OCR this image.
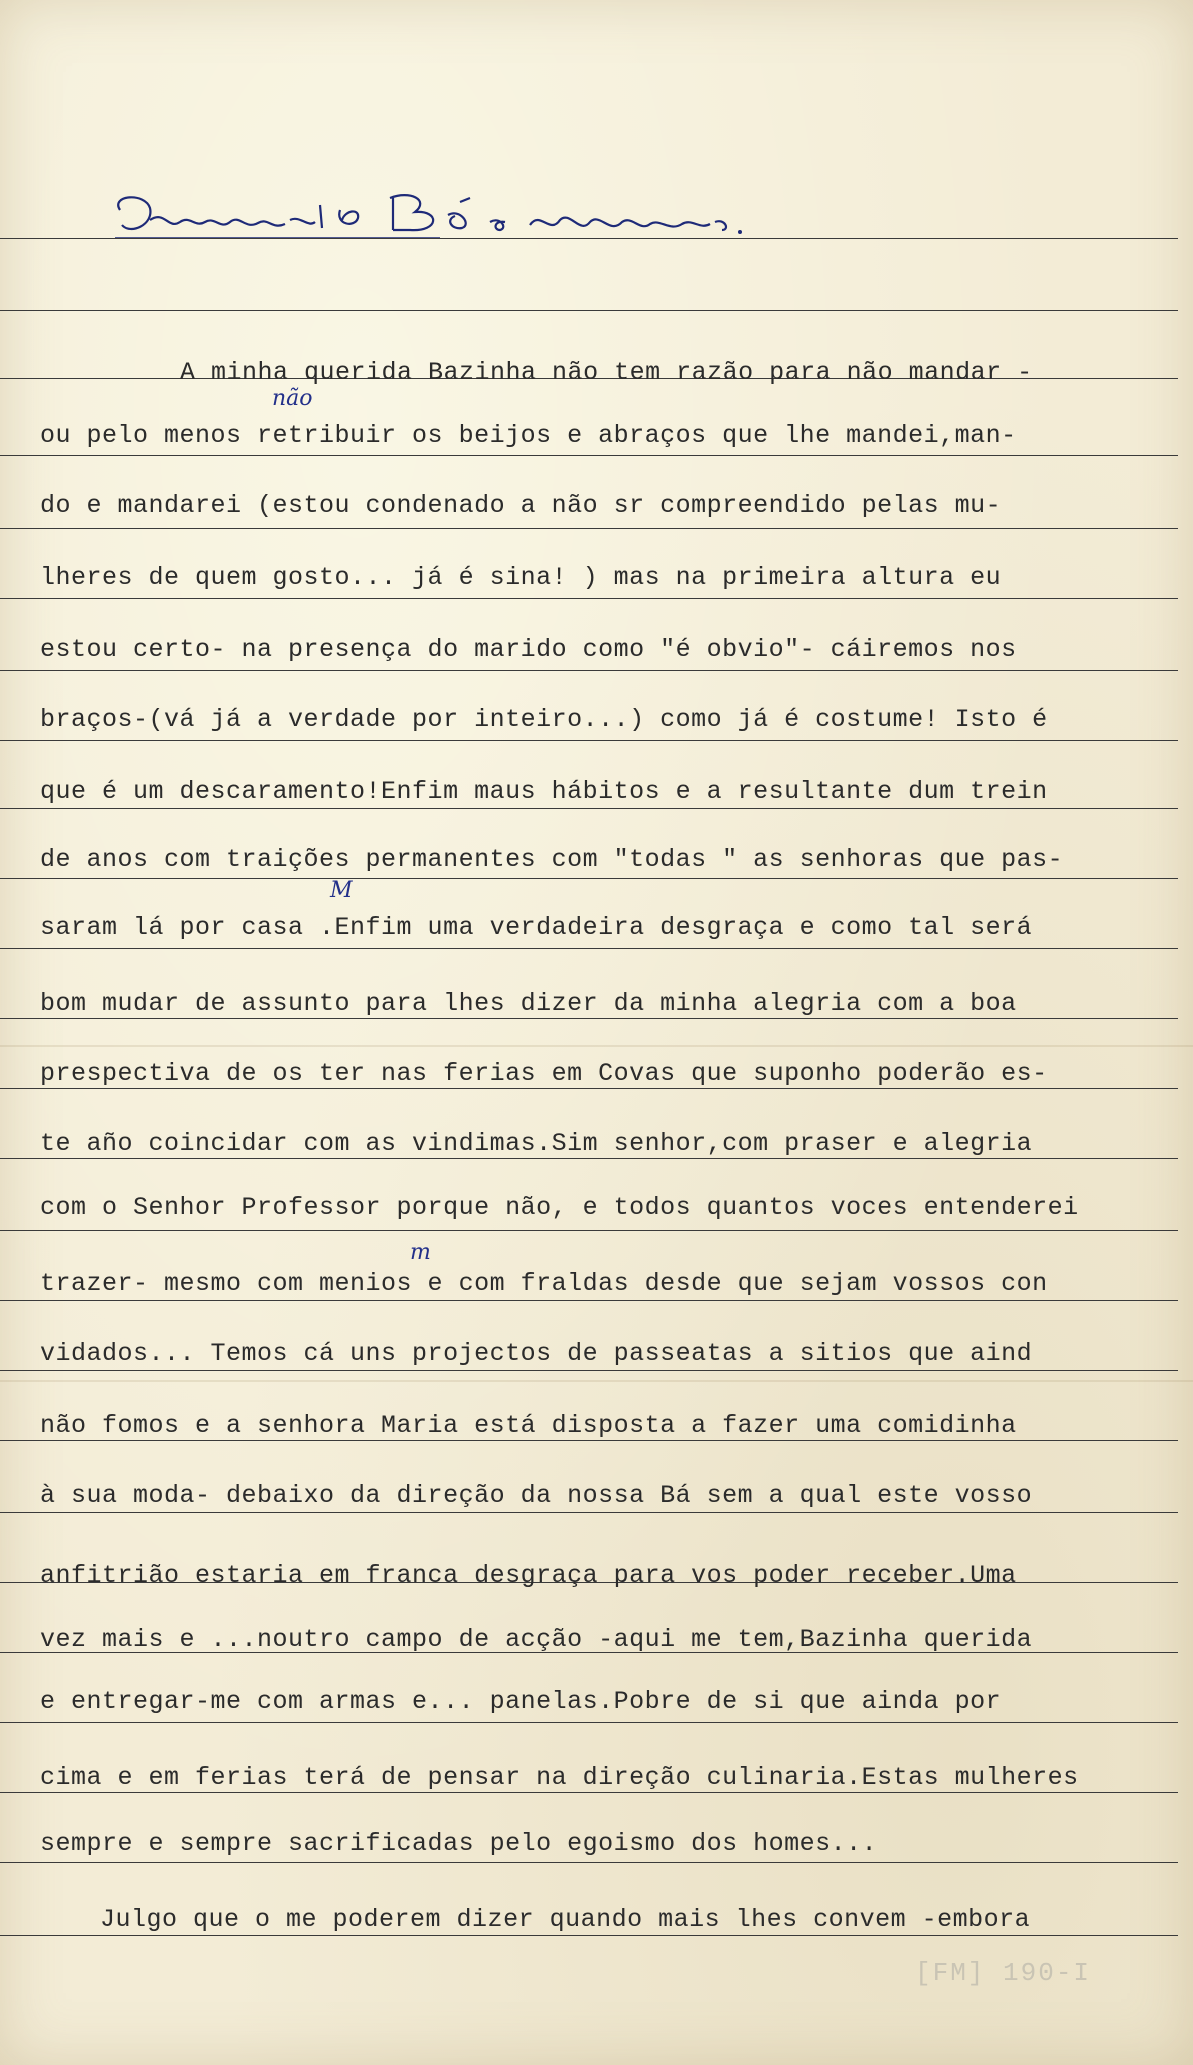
A minha querida Bazinha não tem razão para não mandar -
ou pelo menos retribuir os beijos e abraços que lhe mandei,man-
do e mandarei (estou condenado a não sr compreendido pelas mu-
lheres de quem gosto... já é sina! ) mas na primeira altura eu
estou certo- na presença do marido como "é obvio"- cáiremos nos
braços-(vá já a verdade por inteiro...) como já é costume! Isto é
que é um descaramento!Enfim maus hábitos e a resultante dum trein
de anos com traições permanentes com "todas " as senhoras que pas-
saram lá por casa .Enfim uma verdadeira desgraça e como tal será
bom mudar de assunto para lhes dizer da minha alegria com a boa
prespectiva de os ter nas ferias em Covas que suponho poderão es-
te año coincidar com as vindimas.Sim senhor,com praser e alegria
com o Senhor Professor porque não, e todos quantos voces entenderei
trazer- mesmo com menios e com fraldas desde que sejam vossos con
vidados... Temos cá uns projectos de passeatas a sitios que aind
não fomos e a senhora Maria está disposta a fazer uma comidinha
à sua moda- debaixo da direção da nossa Bá sem a qual este vosso
anfitrião estaria em franca desgraça para vos poder receber.Uma
vez mais e ...noutro campo de acção -aqui me tem,Bazinha querida
e entregar-me com armas e... panelas.Pobre de si que ainda por
cima e em ferias terá de pensar na direção culinaria.Estas mulheres
sempre e sempre sacrificadas pelo egoismo dos homes...
Julgo que o me poderem dizer quando mais lhes convem -embora
não
M
m
[FM] 190-I
